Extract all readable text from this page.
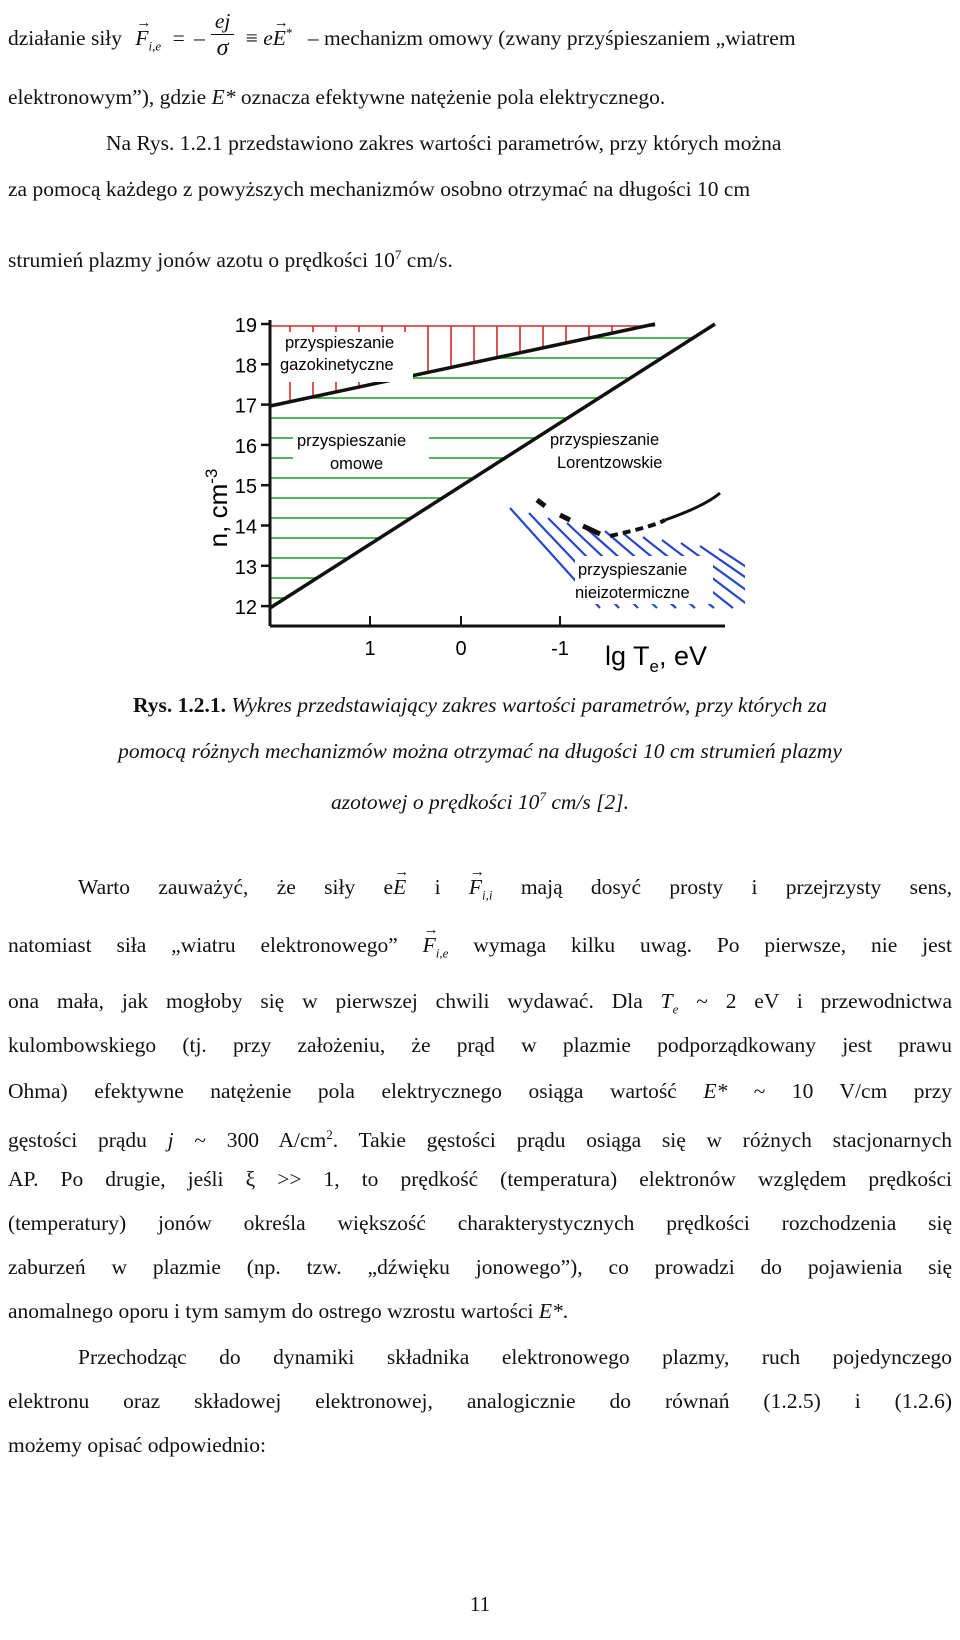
działanie siły → $F_{i,e}$ = – $\frac{ej}{\sigma} \equiv e\to E^*$ – mechanizm omowy (zwany przyśpieszaniem „wiatrem
elektronowym”), gdzie E* oznacza efektywne natężenie pola elektrycznego.
Na Rys. 1.2.1 przedstawiono zakres wartości parametrów, przy których można
za pomocą każdego z powyższych mechanizmów osobno otrzymać na długości 10 cm
strumień plazmy jonów azotu o prędkości $10^7$ cm/s.
19
18
17
16
15
14
13
12
1	0	-1
n, $cm^{-3}$
$\lg T_e$, eV
przyspieszanie
gazokinetyczne
przyspieszanie
omowe
przyspieszanie
Lorentzowskie
przyspieszanie
nieizotermiczne
Rys. 1.2.1. Wykres przedstawiający zakres wartości parametrów, przy których za
pomocą różnych mechanizmów można otrzymać na długości 10 cm strumień plazmy
azotowej o prędkości $10^7$ cm/s [2].
Warto zauważyć, że siły e→ E $i \to F_{i,i}$ mają dosyć prosty i przejrzysty sens,
natomiast siła „wiatru elektronowego” → $F_{i,e}$ wymaga kilku uwag. Po pierwsze, nie jest
ona mała, jak mogłoby się w pierwszej chwili wydawać. Dla $T_e$ ~ 2 eV i przewodnictwa
kulombowskiego (tj. przy założeniu, że prąd w plazmie podporządkowany jest prawu
Ohma) efektywne natężenie pola elektrycznego osiąga wartość E* ~ 10 V/cm przy
gęstości prądu j ~ 300 $A/cm^2$. Takie gęstości prądu osiąga się w różnych stacjonarnych
AP. Po drugie, jeśli ξ >> 1, to prędkość (temperatura) elektronów względem prędkości
(temperatury) jonów określa większość charakterystycznych prędkości rozchodzenia się
zaburzeń w plazmie (np. tzw. „dźwięku jonowego”), co prowadzi do pojawienia się
anomalnego oporu i tym samym do ostrego wzrostu wartości E*.
Przechodząc do dynamiki składnika elektronowego plazmy, ruch pojedynczego
elektronu oraz składowej elektronowej, analogicznie do równań (1.2.5) i (1.2.6)
możemy opisać odpowiednio:
11
